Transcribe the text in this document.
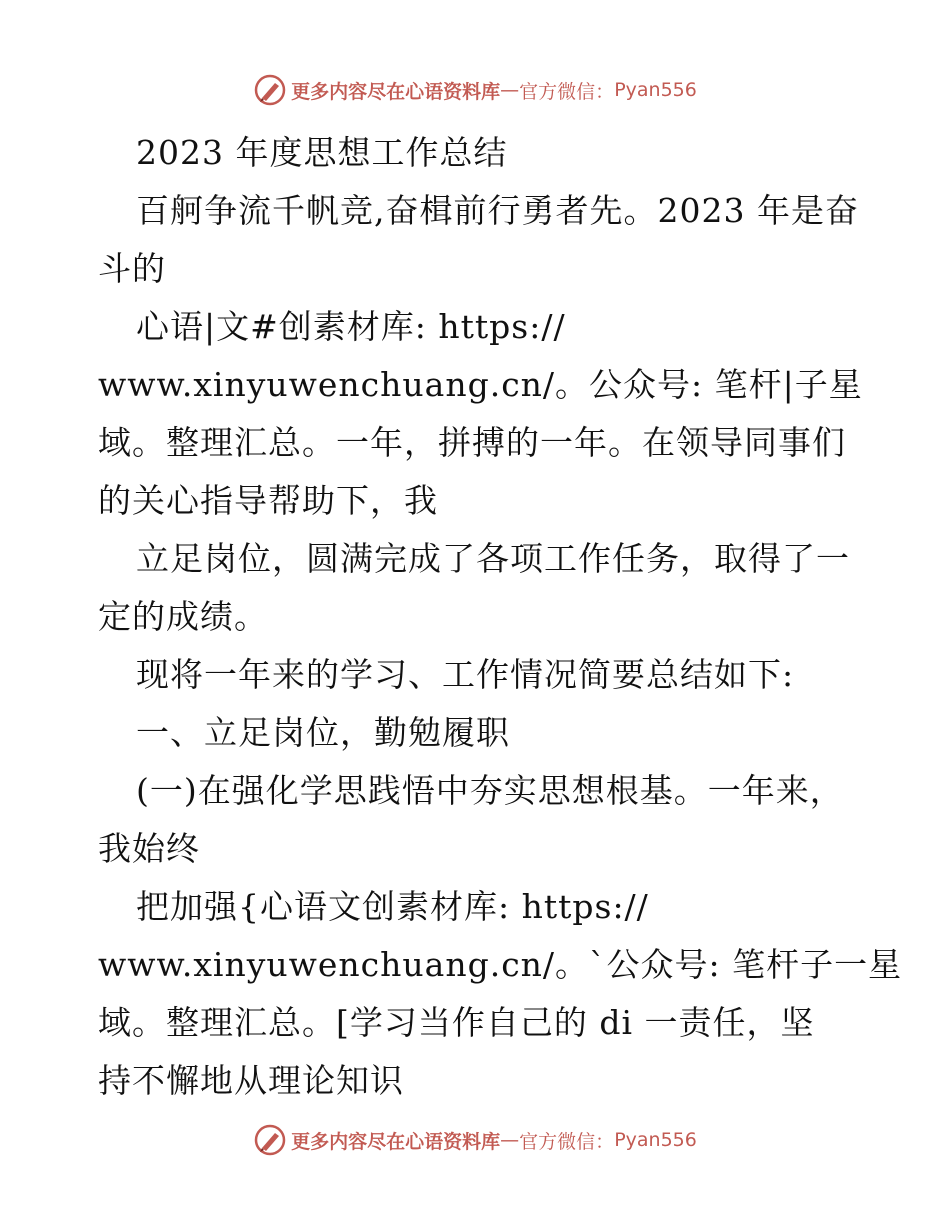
更多内容尽在心语资料库 — 官方微信： Pyan556
2023 年度思想工作总结
百舸争流千帆竞,奋楫前行勇者先。2023 年是奋
斗的
心语|文#创素材库: https://
www.xinyuwenchuang.cn/。公众号: 笔杆|子星
域。整理汇总。一年，拼搏的一年。在领导同事们
的关心指导帮助下，我
立足岗位，圆满完成了各项工作任务，取得了一
定的成绩。
现将一年来的学习、工作情况简要总结如下:
一、立足岗位，勤勉履职
(一)在强化学思践悟中夯实思想根基。一年来，
我始终
把加强{心语文创素材库: https://
www.xinyuwenchuang.cn/。`公众号: 笔杆子一星
域。整理汇总。[学习当作自己的 di 一责任，坚
持不懈地从理论知识
更多内容尽在心语资料库 — 官方微信： Pyan556
